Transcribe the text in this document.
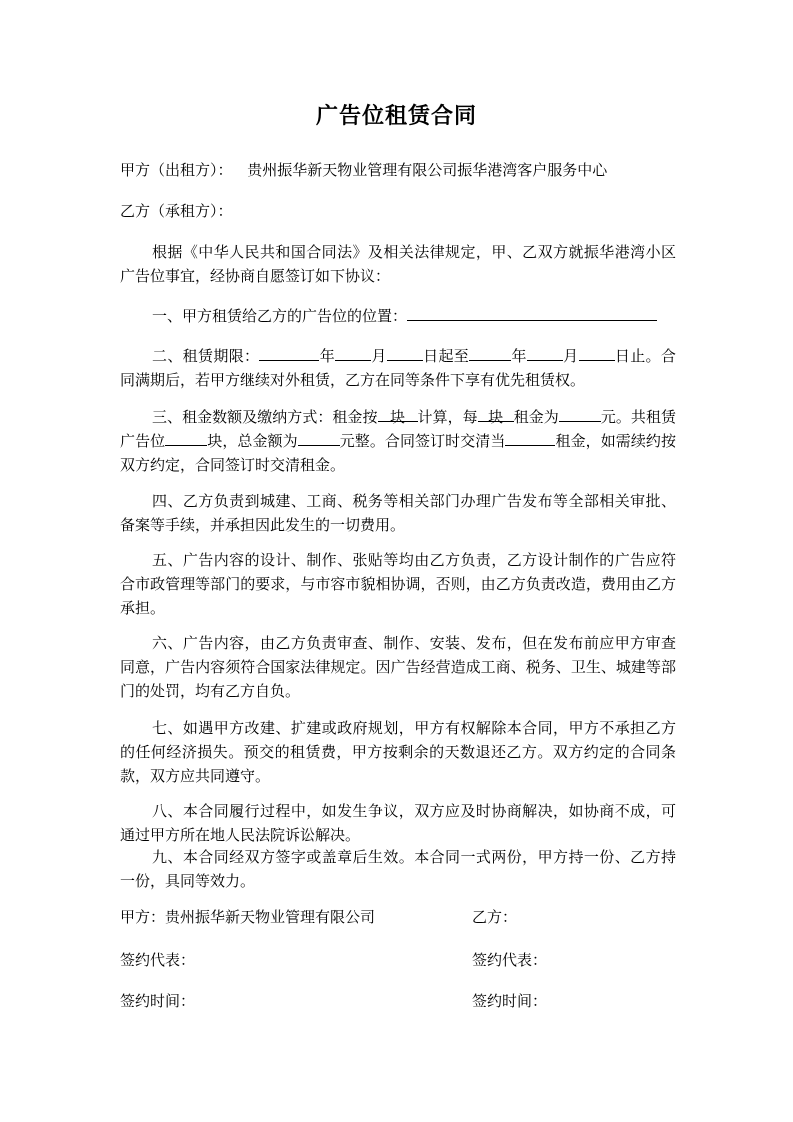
广告位租赁合同
甲方（出租方）： 贵州振华新天物业管理有限公司振华港湾客户服务中心
乙方（承租方）：
根据《中华人民共和国合同法》及相关法律规定，甲、乙双方就振华港湾小区广告位事宜，经协商自愿签订如下协议：
一、甲方租赁给乙方的广告位的位置：
二、租赁期限：	年 月 日起至	年 月 日止。合同满期后，若甲方继续对外租赁，乙方在同等条件下享有优先租赁权。
三、租金数额及缴纳方式：租金按 块 计算，每 块 租金为	元。共租赁广告位	块，总金额为	元整。合同签订时交清当	租金，如需续约按双方约定，合同签订时交清租金。
四、乙方负责到城建、工商、税务等相关部门办理广告发布等全部相关审批、备案等手续，并承担因此发生的一切费用。
五、广告内容的设计、制作、张贴等均由乙方负责，乙方设计制作的广告应符合市政管理等部门的要求，与市容市貌相协调，否则，由乙方负责改造，费用由乙方承担。
六、广告内容，由乙方负责审查、制作、安装、发布，但在发布前应甲方审查同意，广告内容须符合国家法律规定。因广告经营造成工商、税务、卫生、城建等部门的处罚，均有乙方自负。
七、如遇甲方改建、扩建或政府规划，甲方有权解除本合同，甲方不承担乙方的任何经济损失。预交的租赁费，甲方按剩余的天数退还乙方。双方约定的合同条款，双方应共同遵守。
八、本合同履行过程中，如发生争议，双方应及时协商解决，如协商不成，可通过甲方所在地人民法院诉讼解决。
九、本合同经双方签字或盖章后生效。本合同一式两份，甲方持一份、乙方持一份，具同等效力。
甲方：贵州振华新天物业管理有限公司	乙方：
签约代表：	签约代表：
签约时间：	签约时间：
